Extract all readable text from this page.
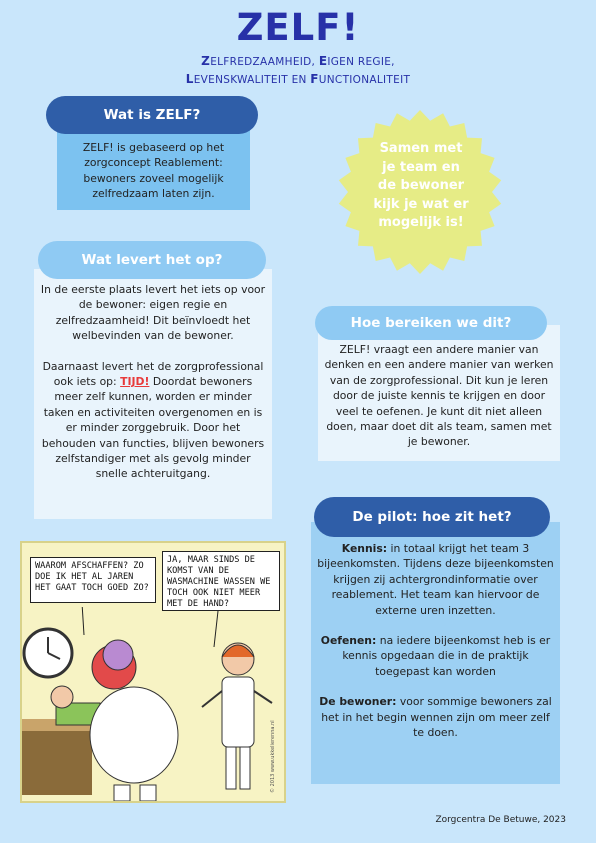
ZELF!
ZELFREDZAAMHEID, EIGEN REGIE,
LEVENSKWALITEIT EN FUNCTIONALITEIT
ZELF! is gebaseerd op het zorgconcept Reablement: bewoners zoveel mogelijk zelfredzaam laten zijn.
Wat is ZELF?
Samen met je team en de bewoner kijk je wat er mogelijk is!

In de eerste plaats levert het iets op voor de bewoner: eigen regie en zelfredzaamheid! Dit beïnvloedt het welbevinden van de bewoner.

Daarnaast levert het de zorgprofessional ook iets op: TIJD! Doordat bewoners meer zelf kunnen, worden er minder taken en activiteiten overgenomen en is er minder zorggebruik. Door het behouden van functies, blijven bewoners zelfstandiger met als gevolg minder snelle achteruitgang.

Wat levert het op?
ZELF! vraagt een andere manier van denken en een andere manier van werken van de zorgprofessional. Dit kun je leren door de juiste kennis te krijgen en door veel te oefenen. Je kunt dit niet alleen doen, maar doet dit als team, samen met je bewoner.
Hoe bereiken we dit?

Kennis: in totaal krijgt het team 3 bijeenkomsten. Tijdens deze bijeenkomsten krijgen zij achtergrondinformatie over reablement. Het team kan hiervoor de externe uren inzetten.

Oefenen: na iedere bijeenkomst heb is er kennis opgedaan die in de praktijk toegepast kan worden

De bewoner: voor sommige bewoners zal het in het begin wennen zijn om meer zelf te doen.

De pilot: hoe zit het?
WAAROM AFSCHAFFEN? ZO DOE IK HET AL JAREN HET GAAT TOCH GOED ZO?
JA, MAAR SINDS DE KOMST VAN DE WASMACHINE WASSEN WE TOCH OOK NIET MEER MET DE HAND?
© 2013 www.ukkelierenna.nl
Zorgcentra De Betuwe, 2023
